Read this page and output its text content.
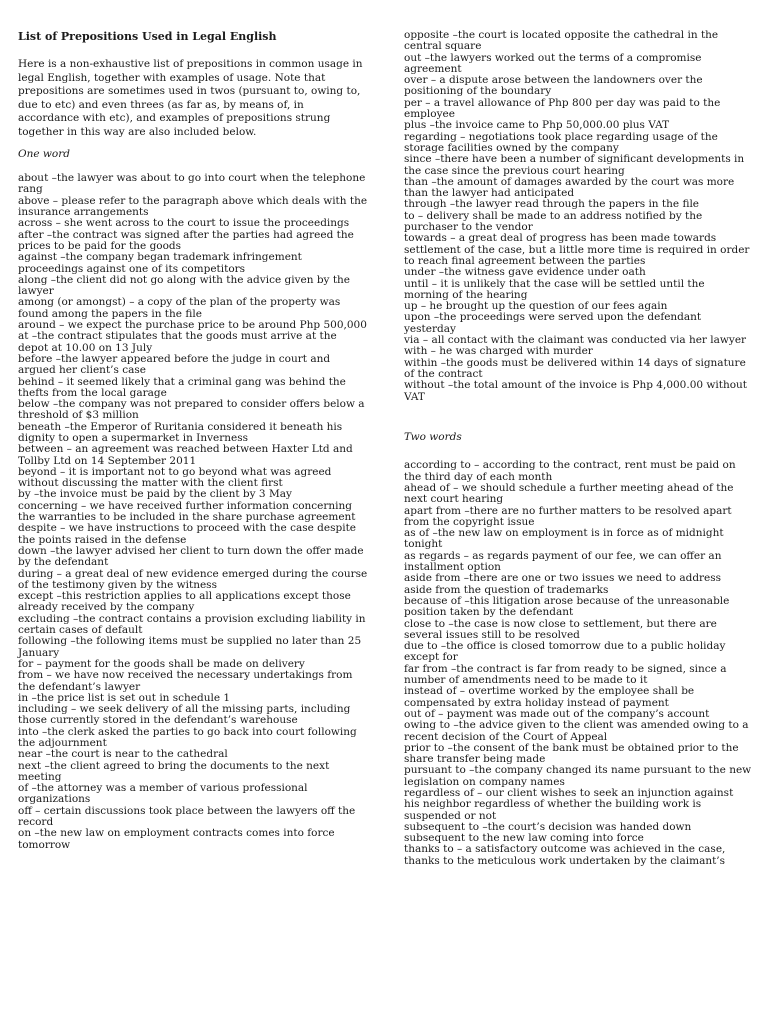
List of Prepositions Used in Legal English
Here is a non-exhaustive list of prepositions in common usage in legal English, together with examples of usage. Note that prepositions are sometimes used in twos (pursuant to, owing to, due to etc) and even threes (as far as, by means of, in accordance with etc), and examples of prepositions strung together in this way are also included below.
One word

about –the lawyer was about to go into court when the telephone rang

above – please refer to the paragraph above which deals with the insurance arrangements

across – she went across to the court to issue the proceedings

after –the contract was signed after the parties had agreed the prices to be paid for the goods

against –the company began trademark infringement proceedings against one of its competitors

along –the client did not go along with the advice given by the lawyer

among (or amongst) – a copy of the plan of the property was found among the papers in the file

around – we expect the purchase price to be around Php 500,000

at –the contract stipulates that the goods must arrive at the depot at 10.00 on 13 July

before –the lawyer appeared before the judge in court and argued her client’s case

behind – it seemed likely that a criminal gang was behind the thefts from the local garage

below –the company was not prepared to consider offers below a threshold of $3 million

beneath –the Emperor of Ruritania considered it beneath his dignity to open a supermarket in Inverness

between – an agreement was reached between Haxter Ltd and Tollby Ltd on 14 September 2011

beyond – it is important not to go beyond what was agreed without discussing the matter with the client first

by –the invoice must be paid by the client by 3 May

concerning – we have received further information concerning the warranties to be included in the share purchase agreement

despite – we have instructions to proceed with the case despite the points raised in the defense

down –the lawyer advised her client to turn down the offer made by the defendant

during – a great deal of new evidence emerged during the course of the testimony given by the witness

except –this restriction applies to all applications except those already received by the company

excluding –the contract contains a provision excluding liability in certain cases of default

following –the following items must be supplied no later than 25 January

for – payment for the goods shall be made on delivery

from – we have now received the necessary undertakings from the defendant’s lawyer

in –the price list is set out in schedule 1

including – we seek delivery of all the missing parts, including those currently stored in the defendant’s warehouse

into –the clerk asked the parties to go back into court following the adjournment

near –the court is near to the cathedral

next –the client agreed to bring the documents to the next meeting

of –the attorney was a member of various professional organizations

off – certain discussions took place between the lawyers off the record

on –the new law on employment contracts comes into force tomorrow

opposite –the court is located opposite the cathedral in the central square

out –the lawyers worked out the terms of a compromise agreement

over – a dispute arose between the landowners over the positioning of the boundary

per – a travel allowance of Php 800 per day was paid to the employee

plus –the invoice came to Php 50,000.00 plus VAT

regarding – negotiations took place regarding usage of the storage facilities owned by the company

since –there have been a number of significant developments in the case since the previous court hearing

than –the amount of damages awarded by the court was more than the lawyer had anticipated

through –the lawyer read through the papers in the file

to – delivery shall be made to an address notified by the purchaser to the vendor

towards – a great deal of progress has been made towards settlement of the case, but a little more time is required in order to reach final agreement between the parties

under –the witness gave evidence under oath

until – it is unlikely that the case will be settled until the morning of the hearing

up – he brought up the question of our fees again

upon –the proceedings were served upon the defendant yesterday

via – all contact with the claimant was conducted via her lawyer

with – he was charged with murder

within –the goods must be delivered within 14 days of signature of the contract

without –the total amount of the invoice is Php 4,000.00 without VAT

Two words

according to – according to the contract, rent must be paid on the third day of each month

ahead of – we should schedule a further meeting ahead of the next court hearing

apart from –there are no further matters to be resolved apart from the copyright issue

as of –the new law on employment is in force as of midnight tonight

as regards – as regards payment of our fee, we can offer an installment option

aside from –there are one or two issues we need to address aside from the question of trademarks

because of –this litigation arose because of the unreasonable position taken by the defendant

close to –the case is now close to settlement, but there are several issues still to be resolved

due to –the office is closed tomorrow due to a public holiday except for

far from –the contract is far from ready to be signed, since a number of amendments need to be made to it

instead of – overtime worked by the employee shall be compensated by extra holiday instead of payment

out of – payment was made out of the company’s account

owing to –the advice given to the client was amended owing to a recent decision of the Court of Appeal

prior to –the consent of the bank must be obtained prior to the share transfer being made

pursuant to –the company changed its name pursuant to the new legislation on company names

regardless of – our client wishes to seek an injunction against his neighbor regardless of whether the building work is suspended or not

subsequent to –the court’s decision was handed down subsequent to the new law coming into force

thanks to – a satisfactory outcome was achieved in the case, thanks to the meticulous work undertaken by the claimant’s
